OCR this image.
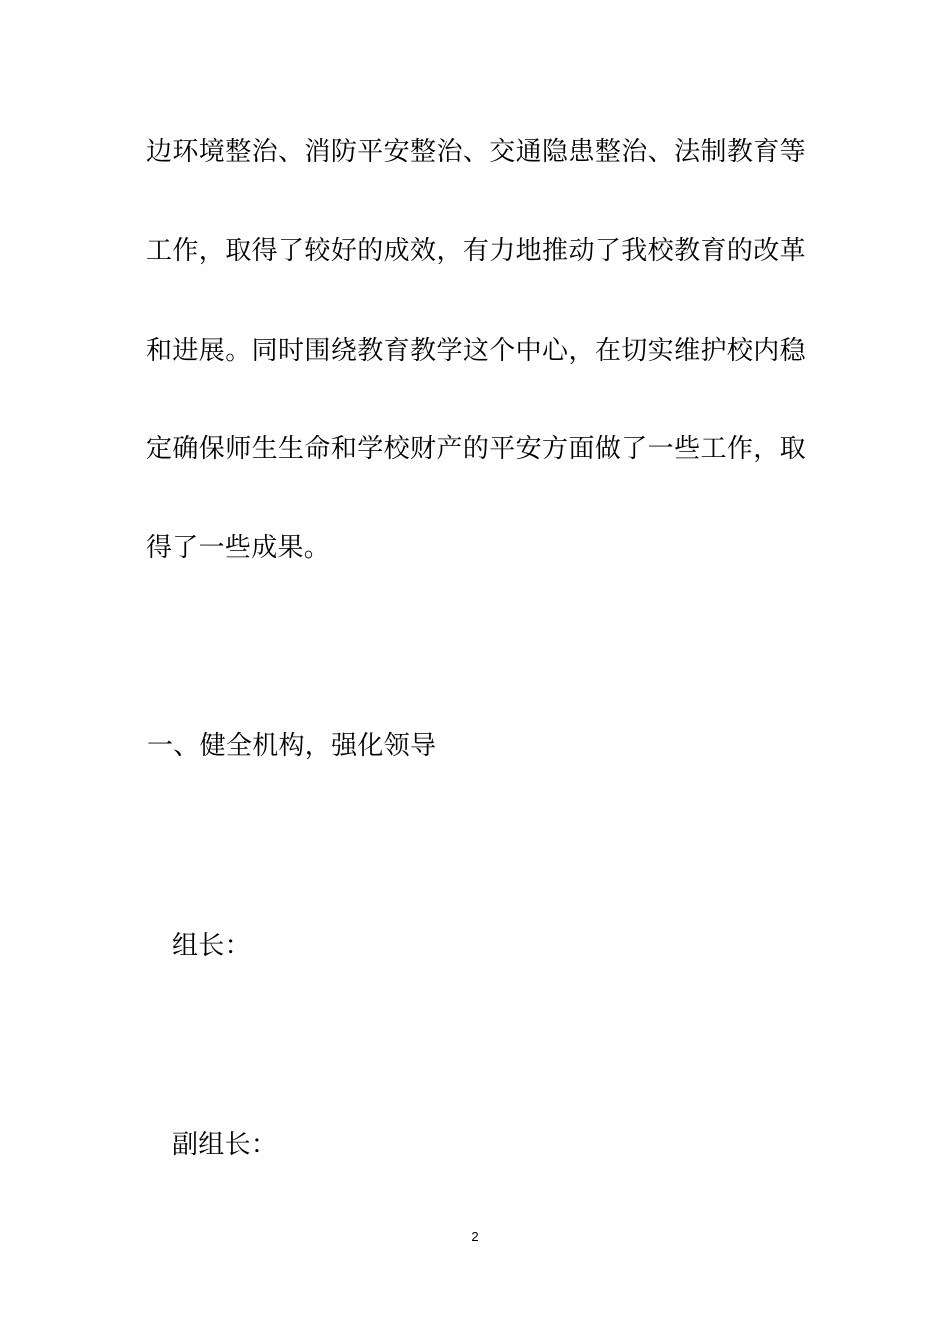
边环境整治、消防平安整治、交通隐患整治、法制教育等
工作，取得了较好的成效，有力地推动了我校教育的改革
和进展。同时围绕教育教学这个中心，在切实维护校内稳
定确保师生生命和学校财产的平安方面做了一些工作，取
得了一些成果。
一、健全机构，强化领导
组长：
副组长：
2
